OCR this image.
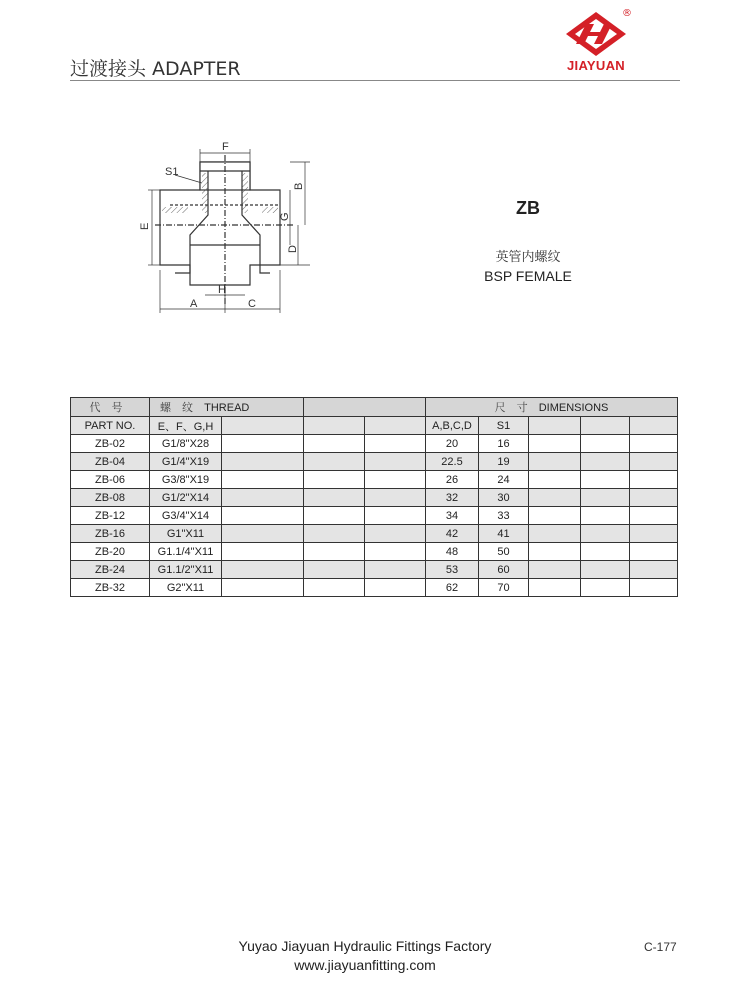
过渡接头 ADAPTER
®
JIAYUAN
F
S1
B
E
G
D
H
A	C
ZB
英管内螺纹
BSP FEMALE
代 号	螺 纹 THREAD				尺 寸 DIMENSIONS				
PART NO.	E、F、G,H				A,B,C,D	S1			
ZB-02	G1/8"X28				20	16			
ZB-04	G1/4"X19				22.5	19			
ZB-06	G3/8"X19				26	24			
ZB-08	G1/2"X14				32	30			
ZB-12	G3/4"X14				34	33			
ZB-16	G1"X11				42	41			
ZB-20	G1.1/4"X11				48	50			
ZB-24	G1.1/2"X11				53	60			
ZB-32	G2"X11				62	70			
Yuyao Jiayuan Hydraulic Fittings Factory
www.jiayuanfitting.com
C-177
